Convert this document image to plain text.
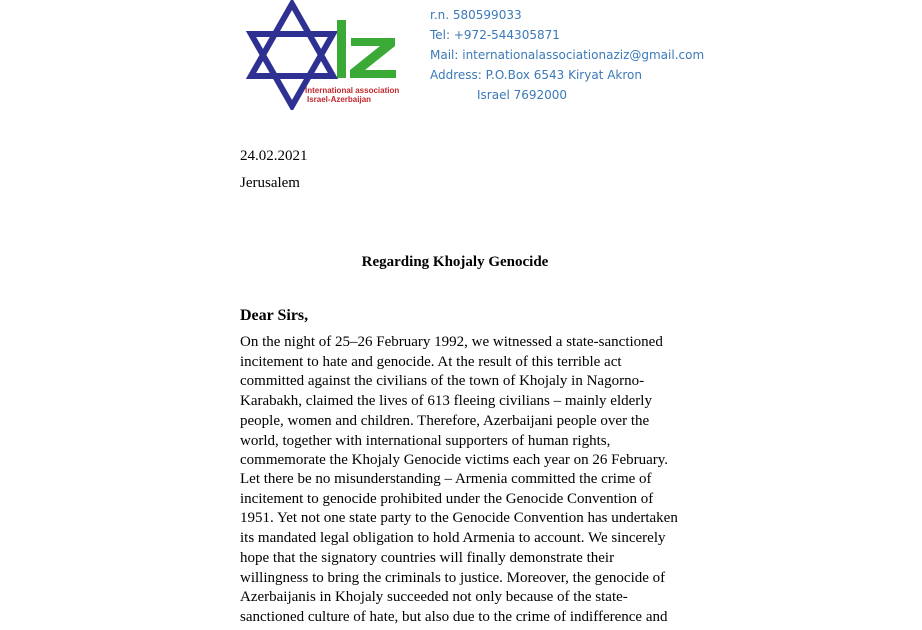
International association
Israel-Azerbaijan
r.n. 580599033
Tel: +972-544305871
Mail: internationalassociationaziz@gmail.com
Address: P.O.Box 6543 Kiryat Akron
Israel 7692000
24.02.2021
Jerusalem
Regarding Khojaly Genocide
Dear Sirs,
On the night of 25–26 February 1992, we witnessed a state-sanctioned
incitement to hate and genocide. At the result of this terrible act
committed against the civilians of the town of Khojaly in Nagorno-
Karabakh, claimed the lives of 613 fleeing civilians – mainly elderly
people, women and children. Therefore, Azerbaijani people over the
world, together with international supporters of human rights,
commemorate the Khojaly Genocide victims each year on 26 February.
Let there be no misunderstanding – Armenia committed the crime of
incitement to genocide prohibited under the Genocide Convention of
1951. Yet not one state party to the Genocide Convention has undertaken
its mandated legal obligation to hold Armenia to account. We sincerely
hope that the signatory countries will finally demonstrate their
willingness to bring the criminals to justice. Moreover, the genocide of
Azerbaijanis in Khojaly succeeded not only because of the state-
sanctioned culture of hate, but also due to the crime of indifference and
